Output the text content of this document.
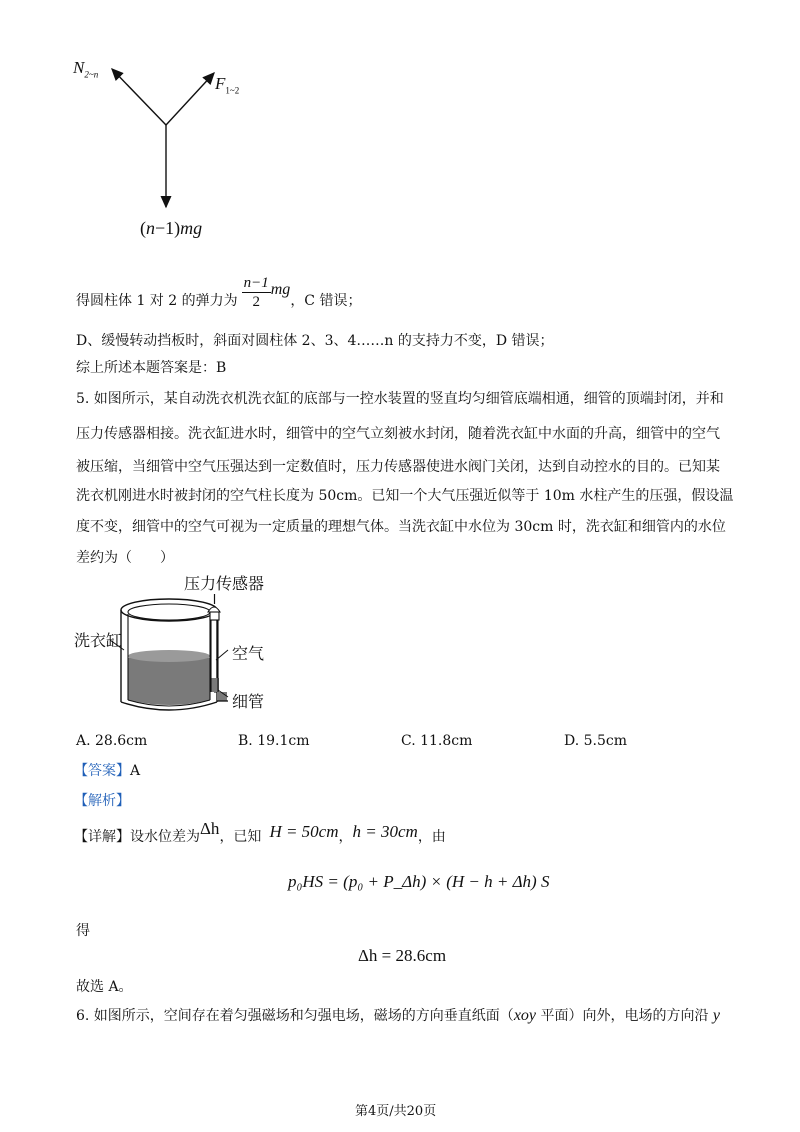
$N_{2\sim n}$	$F_{1\sim 2}$
(n−1)mg
得圆柱体 1 对 2 的弹力为 $\frac{n-1}{2}$ mg
，C 错误；
D、缓慢转动挡板时，斜面对圆柱体 2、3、4……n 的支持力不变，D 错误；
综上所述本题答案是：B
5. 如图所示，某自动洗衣机洗衣缸的底部与一控水装置的竖直均匀细管底端相通，细管的顶端封闭，并和
压力传感器相接。洗衣缸进水时，细管中的空气立刻被水封闭，随着洗衣缸中水面的升高，细管中的空气
被压缩，当细管中空气压强达到一定数值时，压力传感器使进水阀门关闭，达到自动控水的目的。已知某
洗衣机刚进水时被封闭的空气柱长度为 50cm。已知一个大气压强近似等于 10m 水柱产生的压强，假设温
度不变，细管中的空气可视为一定质量的理想气体。当洗衣缸中水位为 30cm 时，洗衣缸和细管内的水位
差约为（　　）
压力传感器
洗衣缸
空气
细管
A. 28.6cm	B. 19.1cm	C. 11.8cm	D. 5.5cm
【答案】A
【解析】
【详解】 设水位差为 Δh ，已知 H = 50cm ， h = 30cm ，由
p₀HS = (p₀ + P_Δh) × (H − h + Δh) S
得
Δh = 28.6cm
故选 A。
6. 如图所示，空间存在着匀强磁场和匀强电场，磁场的方向垂直纸面（xoy 平面）向外，电场的方向沿 y
第4页/共20页
